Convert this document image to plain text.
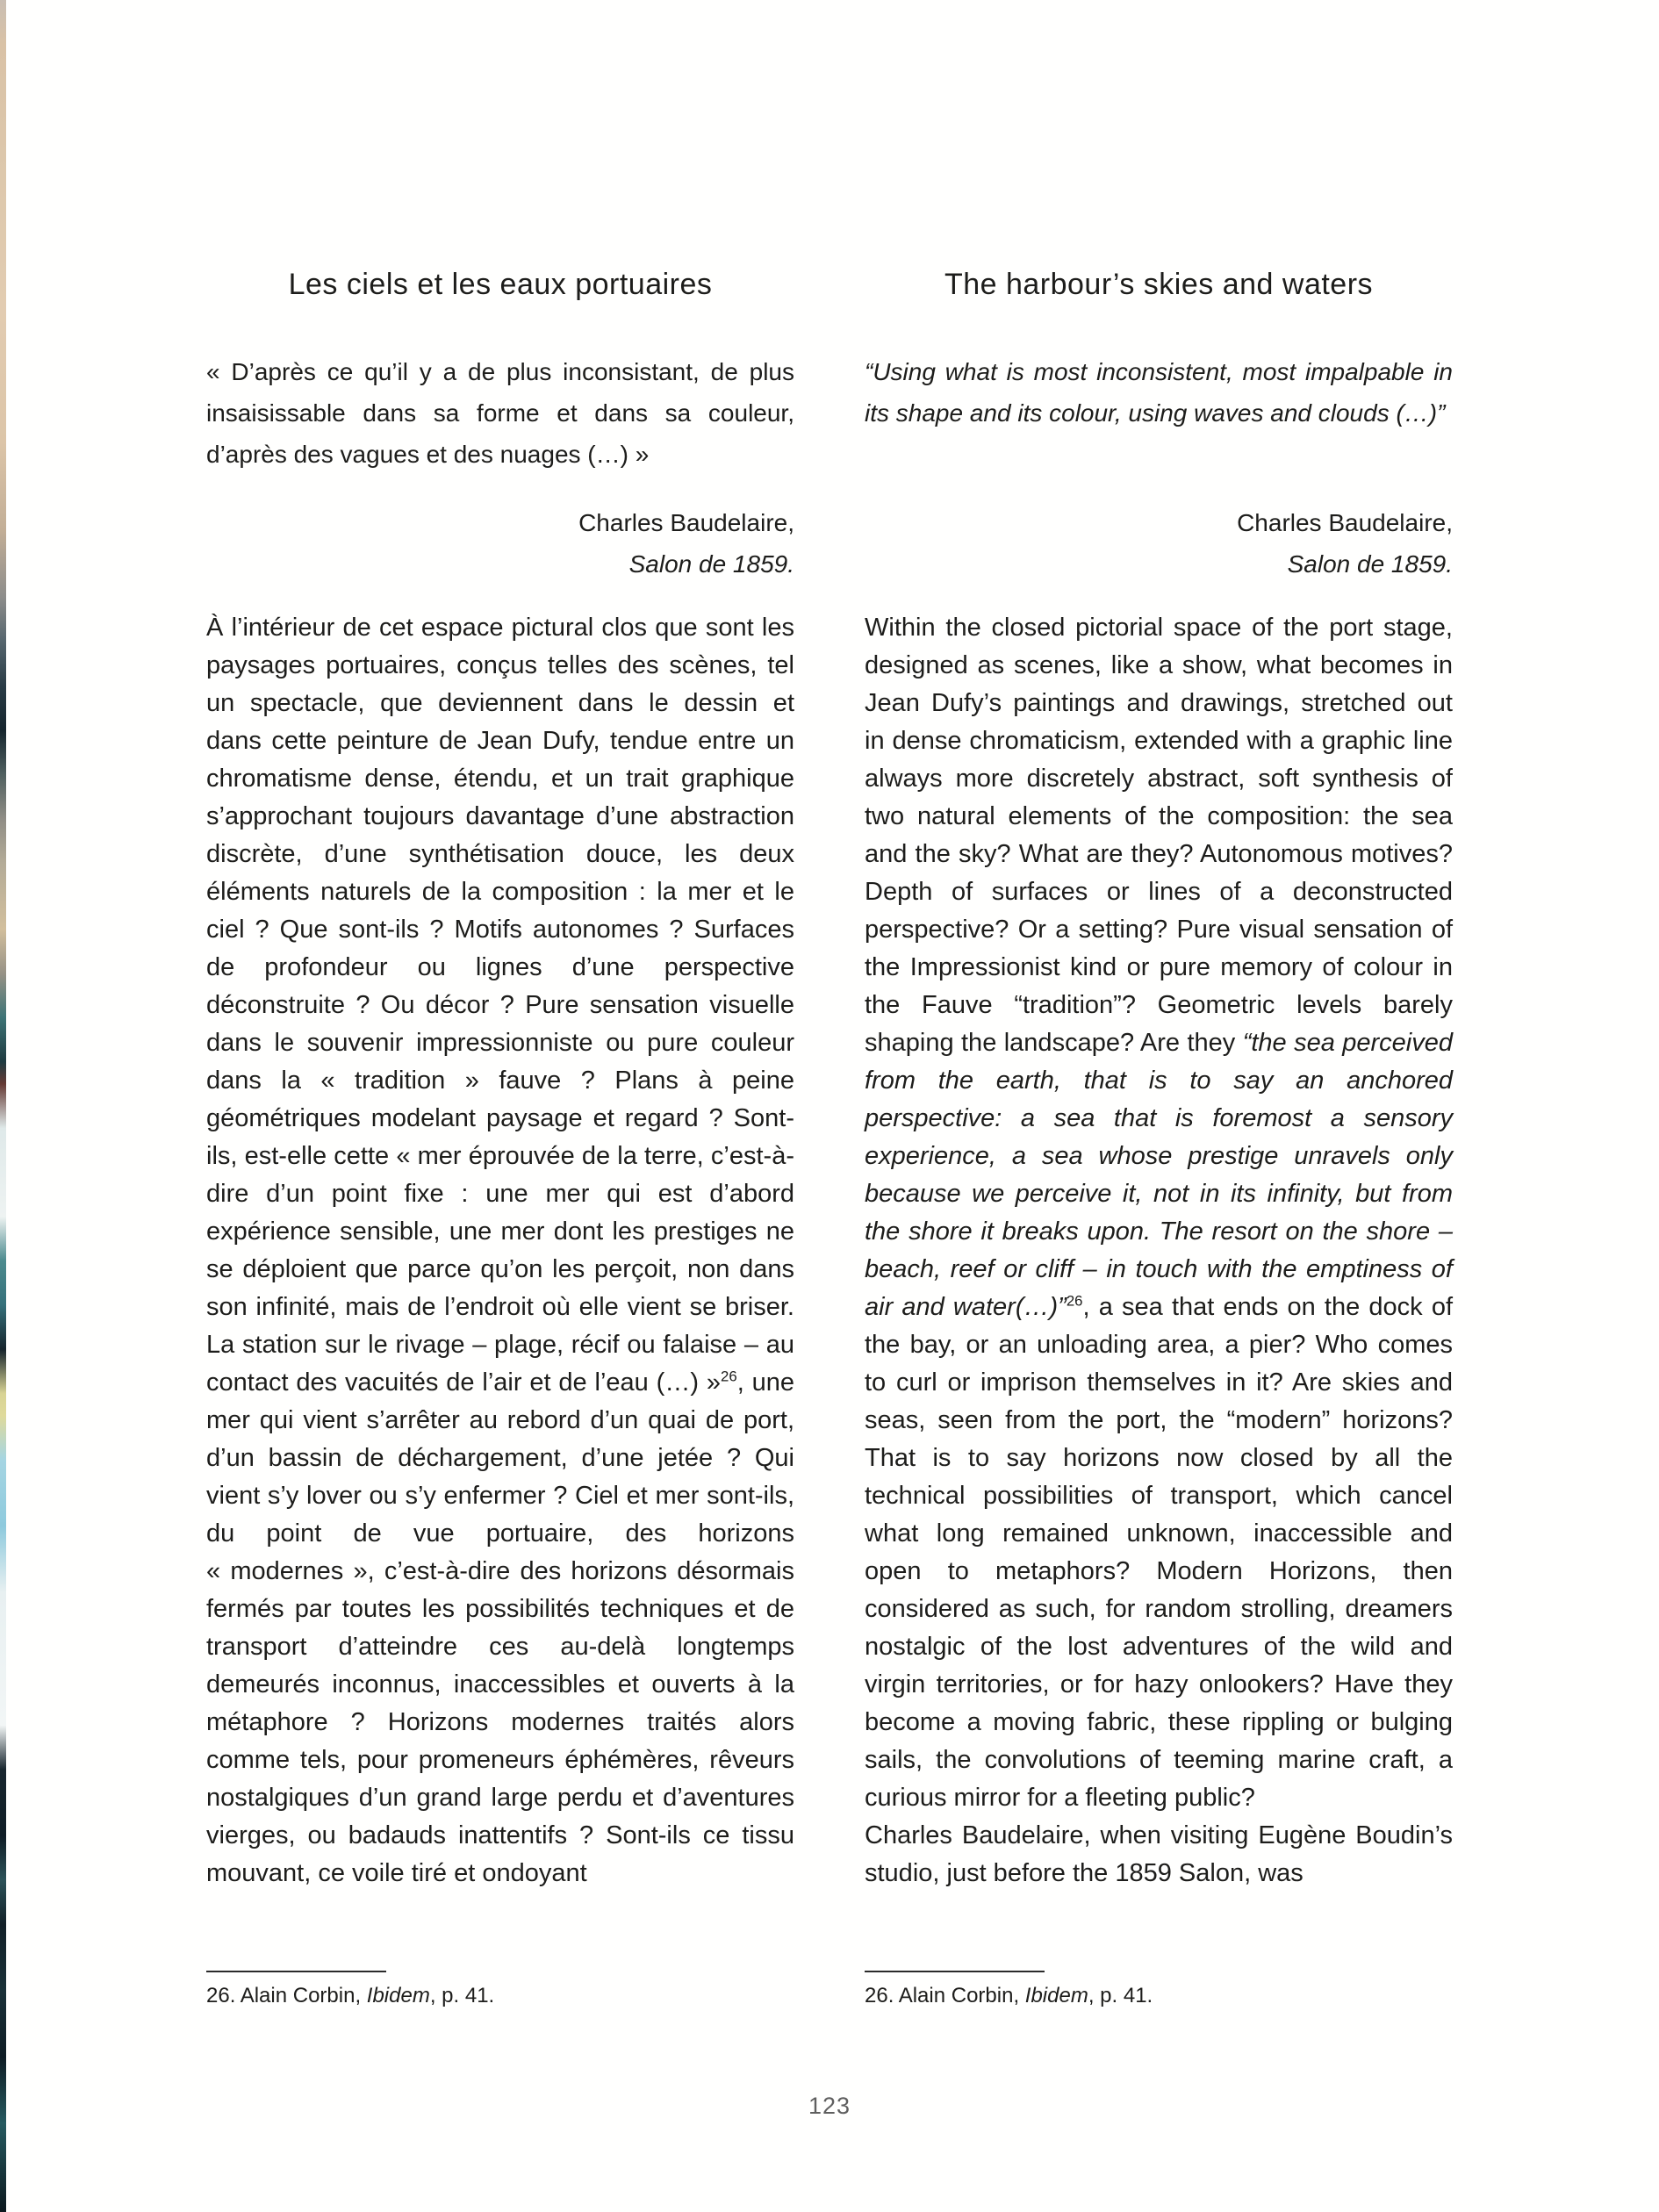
Les ciels et les eaux portuaires

« D’après ce qu’il y a de plus inconsistant, de plus insaisissable dans sa forme et dans sa couleur, d’après des vagues et des nuages (…) »

Charles Baudelaire,

Salon de 1859.

À l’intérieur de cet espace pictural clos que sont les paysages portuaires, conçus telles des scènes, tel un spectacle, que deviennent dans le dessin et dans cette peinture de Jean Dufy, tendue entre un chromatisme dense, étendu, et un trait graphique s’approchant toujours davantage d’une abstraction discrète, d’une synthétisation douce, les deux éléments naturels de la composition : la mer et le ciel ? Que sont-ils ? Motifs autonomes ? Surfaces de profondeur ou lignes d’une perspective déconstruite ? Ou décor ? Pure sensation visuelle dans le souvenir impressionniste ou pure couleur dans la « tradition » fauve ? Plans à peine géométriques modelant paysage et regard ? Sont-ils, est-elle cette « mer éprouvée de la terre, c’est-à-dire d’un point fixe : une mer qui est d’abord expérience sensible, une mer dont les prestiges ne se déploient que parce qu’on les perçoit, non dans son infinité, mais de l’endroit où elle vient se briser. La station sur le rivage – plage, récif ou falaise – au contact des vacuités de l’air et de l’eau (…) »$^{26}$, une mer qui vient s’arrêter au rebord d’un quai de port, d’un bassin de déchargement, d’une jetée ? Qui vient s’y lover ou s’y enfermer ? Ciel et mer sont-ils, du point de vue portuaire, des horizons « modernes », c’est-à-dire des horizons désormais fermés par toutes les possibilités techniques et de transport d’atteindre ces au-delà longtemps demeurés inconnus, inaccessibles et ouverts à la métaphore ? Horizons modernes traités alors comme tels, pour promeneurs éphémères, rêveurs nostalgiques d’un grand large perdu et d’aventures vierges, ou badauds inattentifs ? Sont-ils ce tissu mouvant, ce voile tiré et ondoyant

26. Alain Corbin, Ibidem, p. 41.

The harbour’s skies and waters

“Using what is most inconsistent, most impalpable in its shape and its colour, using waves and clouds (…)”

Charles Baudelaire,

Salon de 1859.

Within the closed pictorial space of the port stage, designed as scenes, like a show, what becomes in Jean Dufy’s paintings and drawings, stretched out in dense chromaticism, extended with a graphic line always more discretely abstract, soft synthesis of two natural elements of the composition: the sea and the sky? What are they? Autonomous motives? Depth of surfaces or lines of a deconstructed perspective? Or a setting? Pure visual sensation of the Impressionist kind or pure memory of colour in the Fauve “tradition”? Geometric levels barely shaping the landscape? Are they “the sea perceived from the earth, that is to say an anchored perspective: a sea that is foremost a sensory experience, a sea whose prestige unravels only because we perceive it, not in its infinity, but from the shore it breaks upon. The resort on the shore – beach, reef or cliff – in touch with the emptiness of air and water(…)”$^{26}$, a sea that ends on the dock of the bay, or an unloading area, a pier? Who comes to curl or imprison themselves in it? Are skies and seas, seen from the port, the “modern” horizons? That is to say horizons now closed by all the technical possibilities of transport, which cancel what long remained unknown, inaccessible and open to metaphors? Modern Horizons, then considered as such, for random strolling, dreamers nostalgic of the lost adventures of the wild and virgin territories, or for hazy onlookers? Have they become a moving fabric, these rippling or bulging sails, the convolutions of teeming marine craft, a curious mirror for a fleeting public?
Charles Baudelaire, when visiting Eugène Boudin’s studio, just before the 1859 Salon, was

26. Alain Corbin, Ibidem, p. 41.

123
